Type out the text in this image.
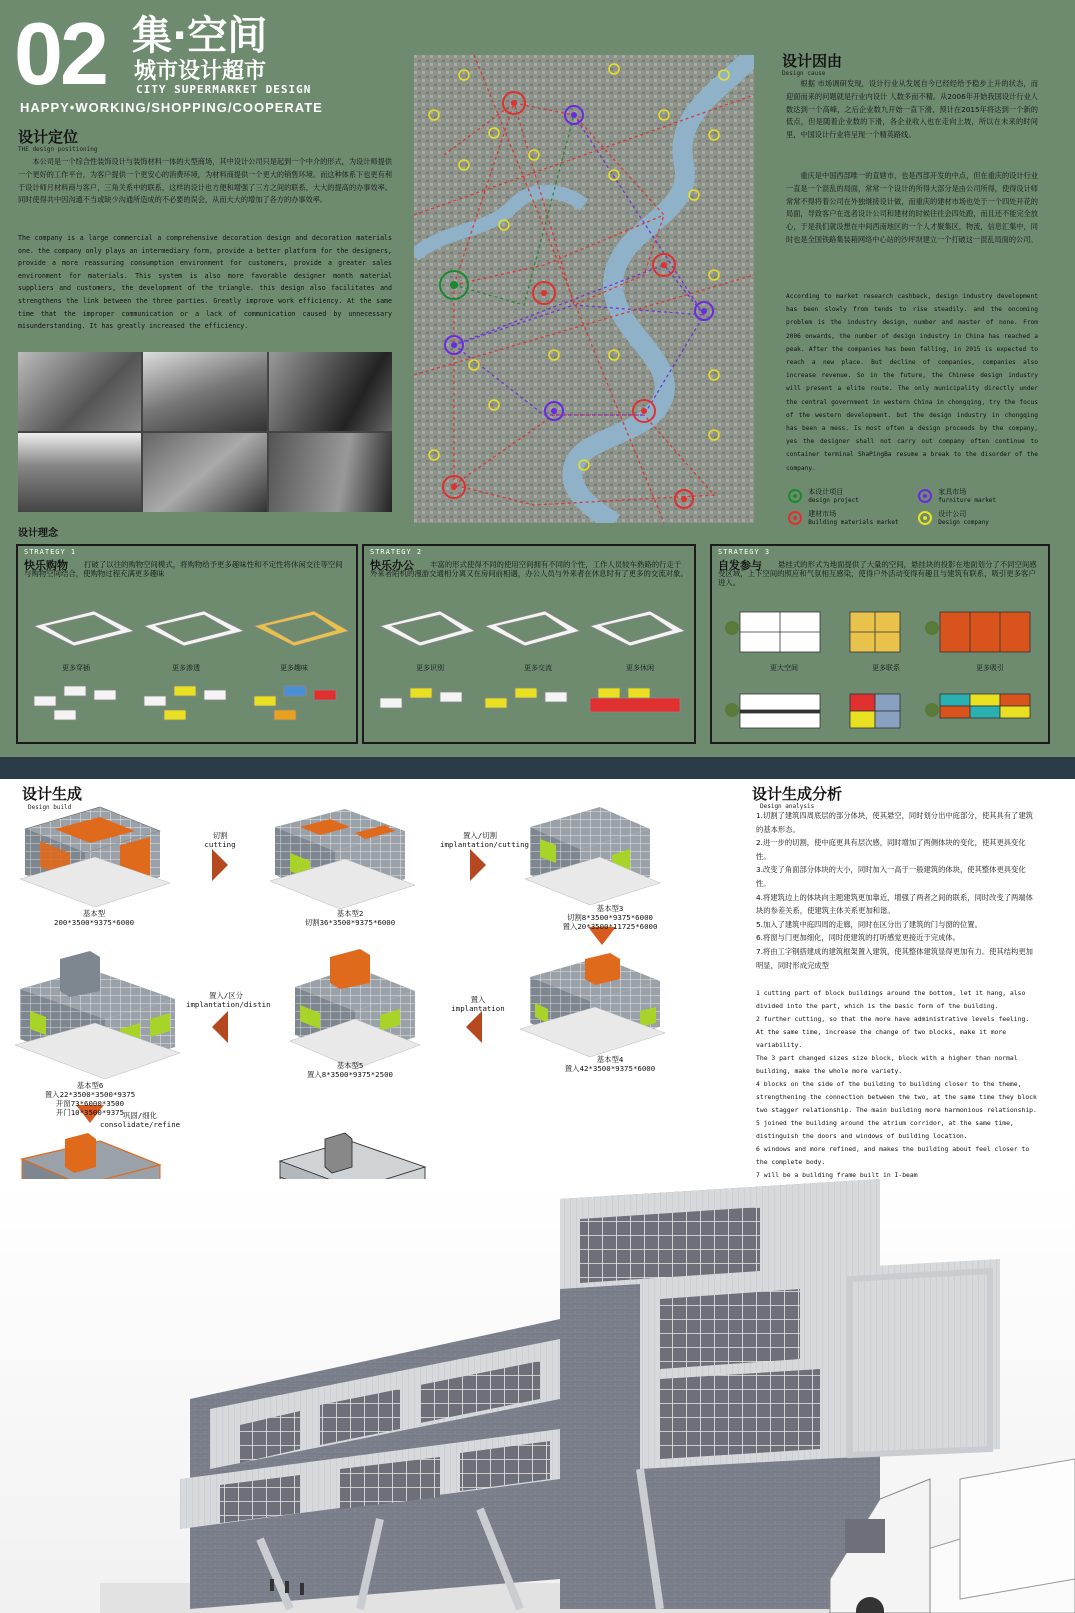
02 集·空间
城市设计超市
CITY SUPERMARKET DESIGN
HAPPY•WORKING/SHOPPING/COOPERATE
设计定位
THE design positioning
本公司是一个综合性装饰设计与装饰材料一体的大型商场，其中设计公司只是起到一个中介的形式，为设计师提供一个更好的工作平台，为客户提供一个更安心的消费环境，为材料商提供一个更大的销售环境。而这种体系下也更有利于设计师月材料商与客户，三角关系中的联系，这样的设计也方便和增强了三方之间的联系，大大的提高的办事效率。同时使得共中因沟通不当或缺少沟通所造成的不必要的误会，从而大大的增加了各方的办事效率。
The company is a large commercial a comprehensive decoration design and decoration materials one. the company only plays an intermediary form, provide a better platform for the designers, provide a more reassuring consumption environment for customers, provide a greater sales environment for materials. This system is also more favorable designer month material suppliers and customers, the development of the triangle. this design also facilitates and strengthens the link between the three parties. Greatly improve work efficiency. At the same time that the improper communication or a lack of communication caused by unnecessary misunderstanding. It has greatly increased the efficiency.
设计因由
Design cause
根据 市场调研发现，设计行业从发展自今已经经给予稳步上升的状态，而迎面而来的问题就是行业内设计 人数多而不精。从2006年开始我国设计行业人数达到一个高峰，之后企业数九开始一直下滑，预计在2015年将达到一个新的低点，但是随着企业数的下滑，各企业收入也在走向上坡，所以在未来的时间里，中国设计行业将呈现一个精英路线。
重庆是中国西部唯一的直辖市，也是西部开发的中点，但在重庆的设计行业一直是一个混乱的局面，常常一个设计的所得大部分是由公司所得，使得设计师常常不得将着公司在外独继接设计做，而重庆的建材市场也处于一个四处开花的局面，导致客户在选者设计公司和建材的时候往往会四处跑，而且还不能完全放心，于是我们就设想在中间西南地区的一个人才聚集区，物流，信息汇集中，同时也是全国铁路集装箱网络中心站的沙坪坝建立一个打破这一混乱局面的公司。
According to market research cashback, design industry development has been slowly from tends to rise steadily. and the oncoming problem is the industry design, number and master of none. From 2006 onwards, the number of design industry in China has reached a peak. After the companies has been falling, in 2015 is expected to reach a new place. But decline of companies, companies also increase revenue. So in the future, the Chinese design industry will present a elite route. The only municipality directly under the central government in western China in chongqing, try the focus of the western development. but the design industry in chongqing has been a mess. Is most often a design proceeds by the company, yes the designer shall not carry out company often continue to container terminal ShaPingBa resume a break to the disorder of the company.
本设计项目
design project
家具市场
furniture market
建材市场
Building materials market
设计公司
Design company
设计理念
STRATEGY 1
快乐购物	打破了以往的购物空间模式，将购物给予更多趣味性和不定性将休闲交往等空间与购物空间结合，使购物过程充满更多趣味
更多穿插	更多渗透	更多趣味
STRATEGY 2
快乐办公	丰富的形式使得不同的使用空间拥有不同的个性，工作人员较车熟路的行走于外来者陌机的漫游交通相分离又在房间前相遇，办公人员与外来者在休息时有了更多的交流对象。
更多识别	更多交流	更多休闲
STRATEGY 3
自发参与	悬挂式的形式为地面提供了大量的空间，悬挂块的投影在地面划分了不同空间感受区域，上下空间的照应和气氛相互感染，使得户外活动变得有趣且与建筑有联系，吸引更多客户进入。
更大空间	更多联系	更多吸引
设计生成
Design build
基本型
200*3500*9375*6000
切割
cutting
基本型2
切割36*3500*9375*6000
置入/切割
implantation/cutting
基本型3
切割8*3500*9375*6000
置入20*3500*11725*6000
基本型4
置入42*3500*9375*6000
置入
implantation
基本型5
置入8*3500*9375*2500
置入/区分
implantation/distin
基本型6
置入22*3500*3500*9375
开窗73*6000*3500
开门10*3500*9375
巩固/细化
consolidate/refine
设计生成分析
Design analysis
1.切割了建筑四周底层的部分体块，使其悬空，同时划分出中庭部分，使其具有了建筑的基本形态。
2.进一步的切割，使中庭更具有层次感，同时增加了两侧体块的变化，使其更具变化性。
3.改变了角面部分体块的大小，同时加入一高于一般建筑的体块，使其整体更具变化性。
4.将建筑边上的体块向主题建筑更加靠近，增强了两者之间的联系，同时改变了两端体块的参差关系，使建筑主体关系更加和谐。
5.加入了建筑中庭四周的走廊，同时在区分出了建筑的门与窗的位置。
6.将窗与门更加细化，同时使建筑的打听感觉更接近于完成体。
7.将由工字钢搭建成的建筑框架置入建筑，使其整体建筑显得更加有力。使其结构更加明显，同时形成完成型
1 cutting part of block buildings around the bottom, let it hang, also divided into the part, which is the basic form of the building.
2 further cutting, so that the more have administrative levels feeling. At the same time, increase the change of two blocks, make it more variability.
The 3 part changed sizes size block, block with a higher than normal building, make the whole more variety.
4 blocks on the side of the building to building closer to the theme, strengthening the connection between the two, at the same time they block two stagger relationship. The main building more harmonious relationship.
5 joined the building around the atrium corridor, at the same time, distinguish the doors and windows of building location.
6 windows and more refined, and makes the building about feel closer to the complete body.
7 will be a building frame built in I-beam
